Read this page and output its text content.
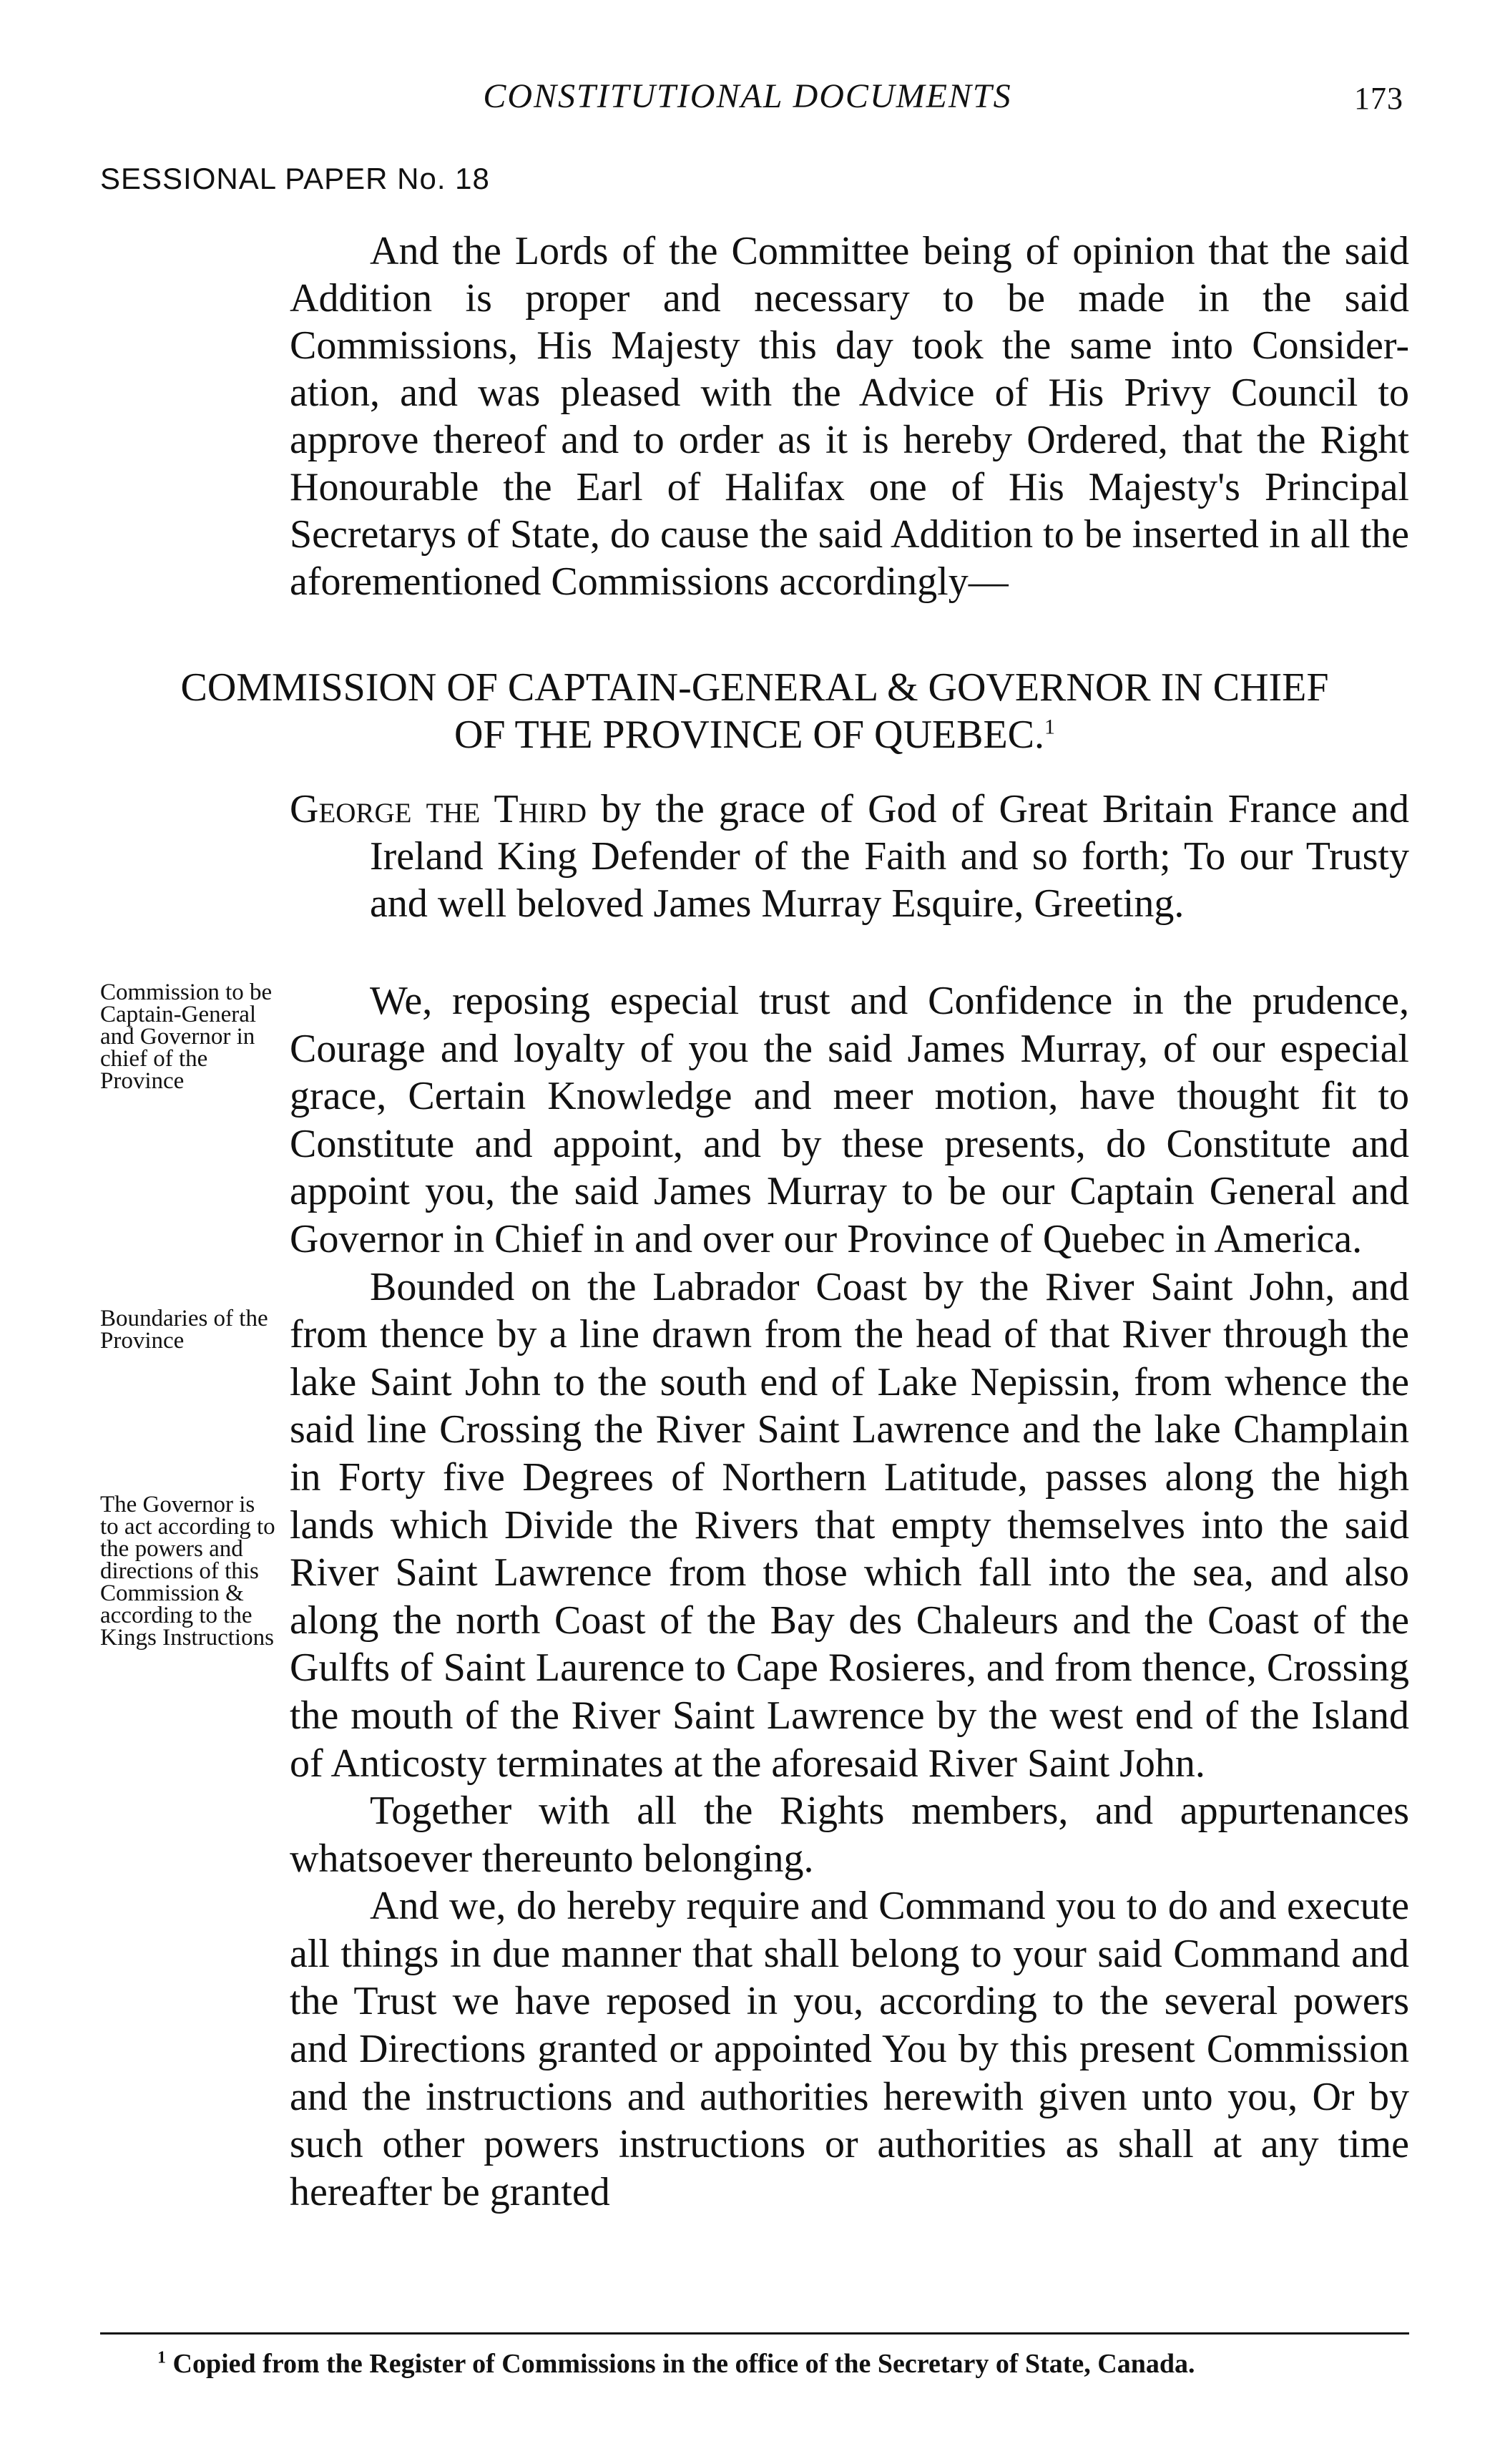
CONSTITUTIONAL DOCUMENTS	173
SESSIONAL PAPER No. 18

And the Lords of the Committee being of opinion that the said Addition is proper and necessary to be made in the said Commissions, His Majesty this day took the same into Consider-ation, and was pleased with the Advice of His Privy Council to approve thereof and to order as it is hereby Ordered, that the Right Honourable the Earl of Halifax one of His Majesty's Principal Secretarys of State, do cause the said Addition to be inserted in all the aforementioned Commissions accordingly—

COMMISSION OF CAPTAIN-GENERAL & GOVERNOR IN CHIEF
OF THE PROVINCE OF QUEBEC.$^1$

George the Third by the grace of God of Great Britain France and Ireland King Defender of the Faith and so forth; To our Trusty and well beloved James Murray Esquire, Greeting.

Commission to be Captain-General and Governor in chief of the Province
Boundaries of the Province
The Governor is to act according to the powers and directions of this Commission & according to the Kings Instructions

We, reposing especial trust and Confidence in the prudence, Courage and loyalty of you the said James Murray, of our especial grace, Certain Knowledge and meer motion, have thought fit to Constitute and appoint, and by these presents, do Constitute and appoint you, the said James Murray to be our Captain General and Governor in Chief in and over our Province of Quebec in America.

Bounded on the Labrador Coast by the River Saint John, and from thence by a line drawn from the head of that River through the lake Saint John to the south end of Lake Nepissin, from whence the said line Crossing the River Saint Lawrence and the lake Champlain in Forty five Degrees of Northern Latitude, passes along the high lands which Divide the Rivers that empty themselves into the said River Saint Lawrence from those which fall into the sea, and also along the north Coast of the Bay des Chaleurs and the Coast of the Gulfts of Saint Laurence to Cape Rosieres, and from thence, Crossing the mouth of the River Saint Lawrence by the west end of the Island of Anticosty terminates at the aforesaid River Saint John.

Together with all the Rights members, and appurtenances whatsoever thereunto belonging.

And we, do hereby require and Command you to do and execute all things in due manner that shall belong to your said Command and the Trust we have reposed in you, according to the several powers and Directions granted or appointed You by this present Commission and the instructions and authorities herewith given unto you, Or by such other powers instructions or authorities as shall at any time hereafter be granted

$^1$ Copied from the Register of Commissions in the office of the Secretary of State, Canada.
